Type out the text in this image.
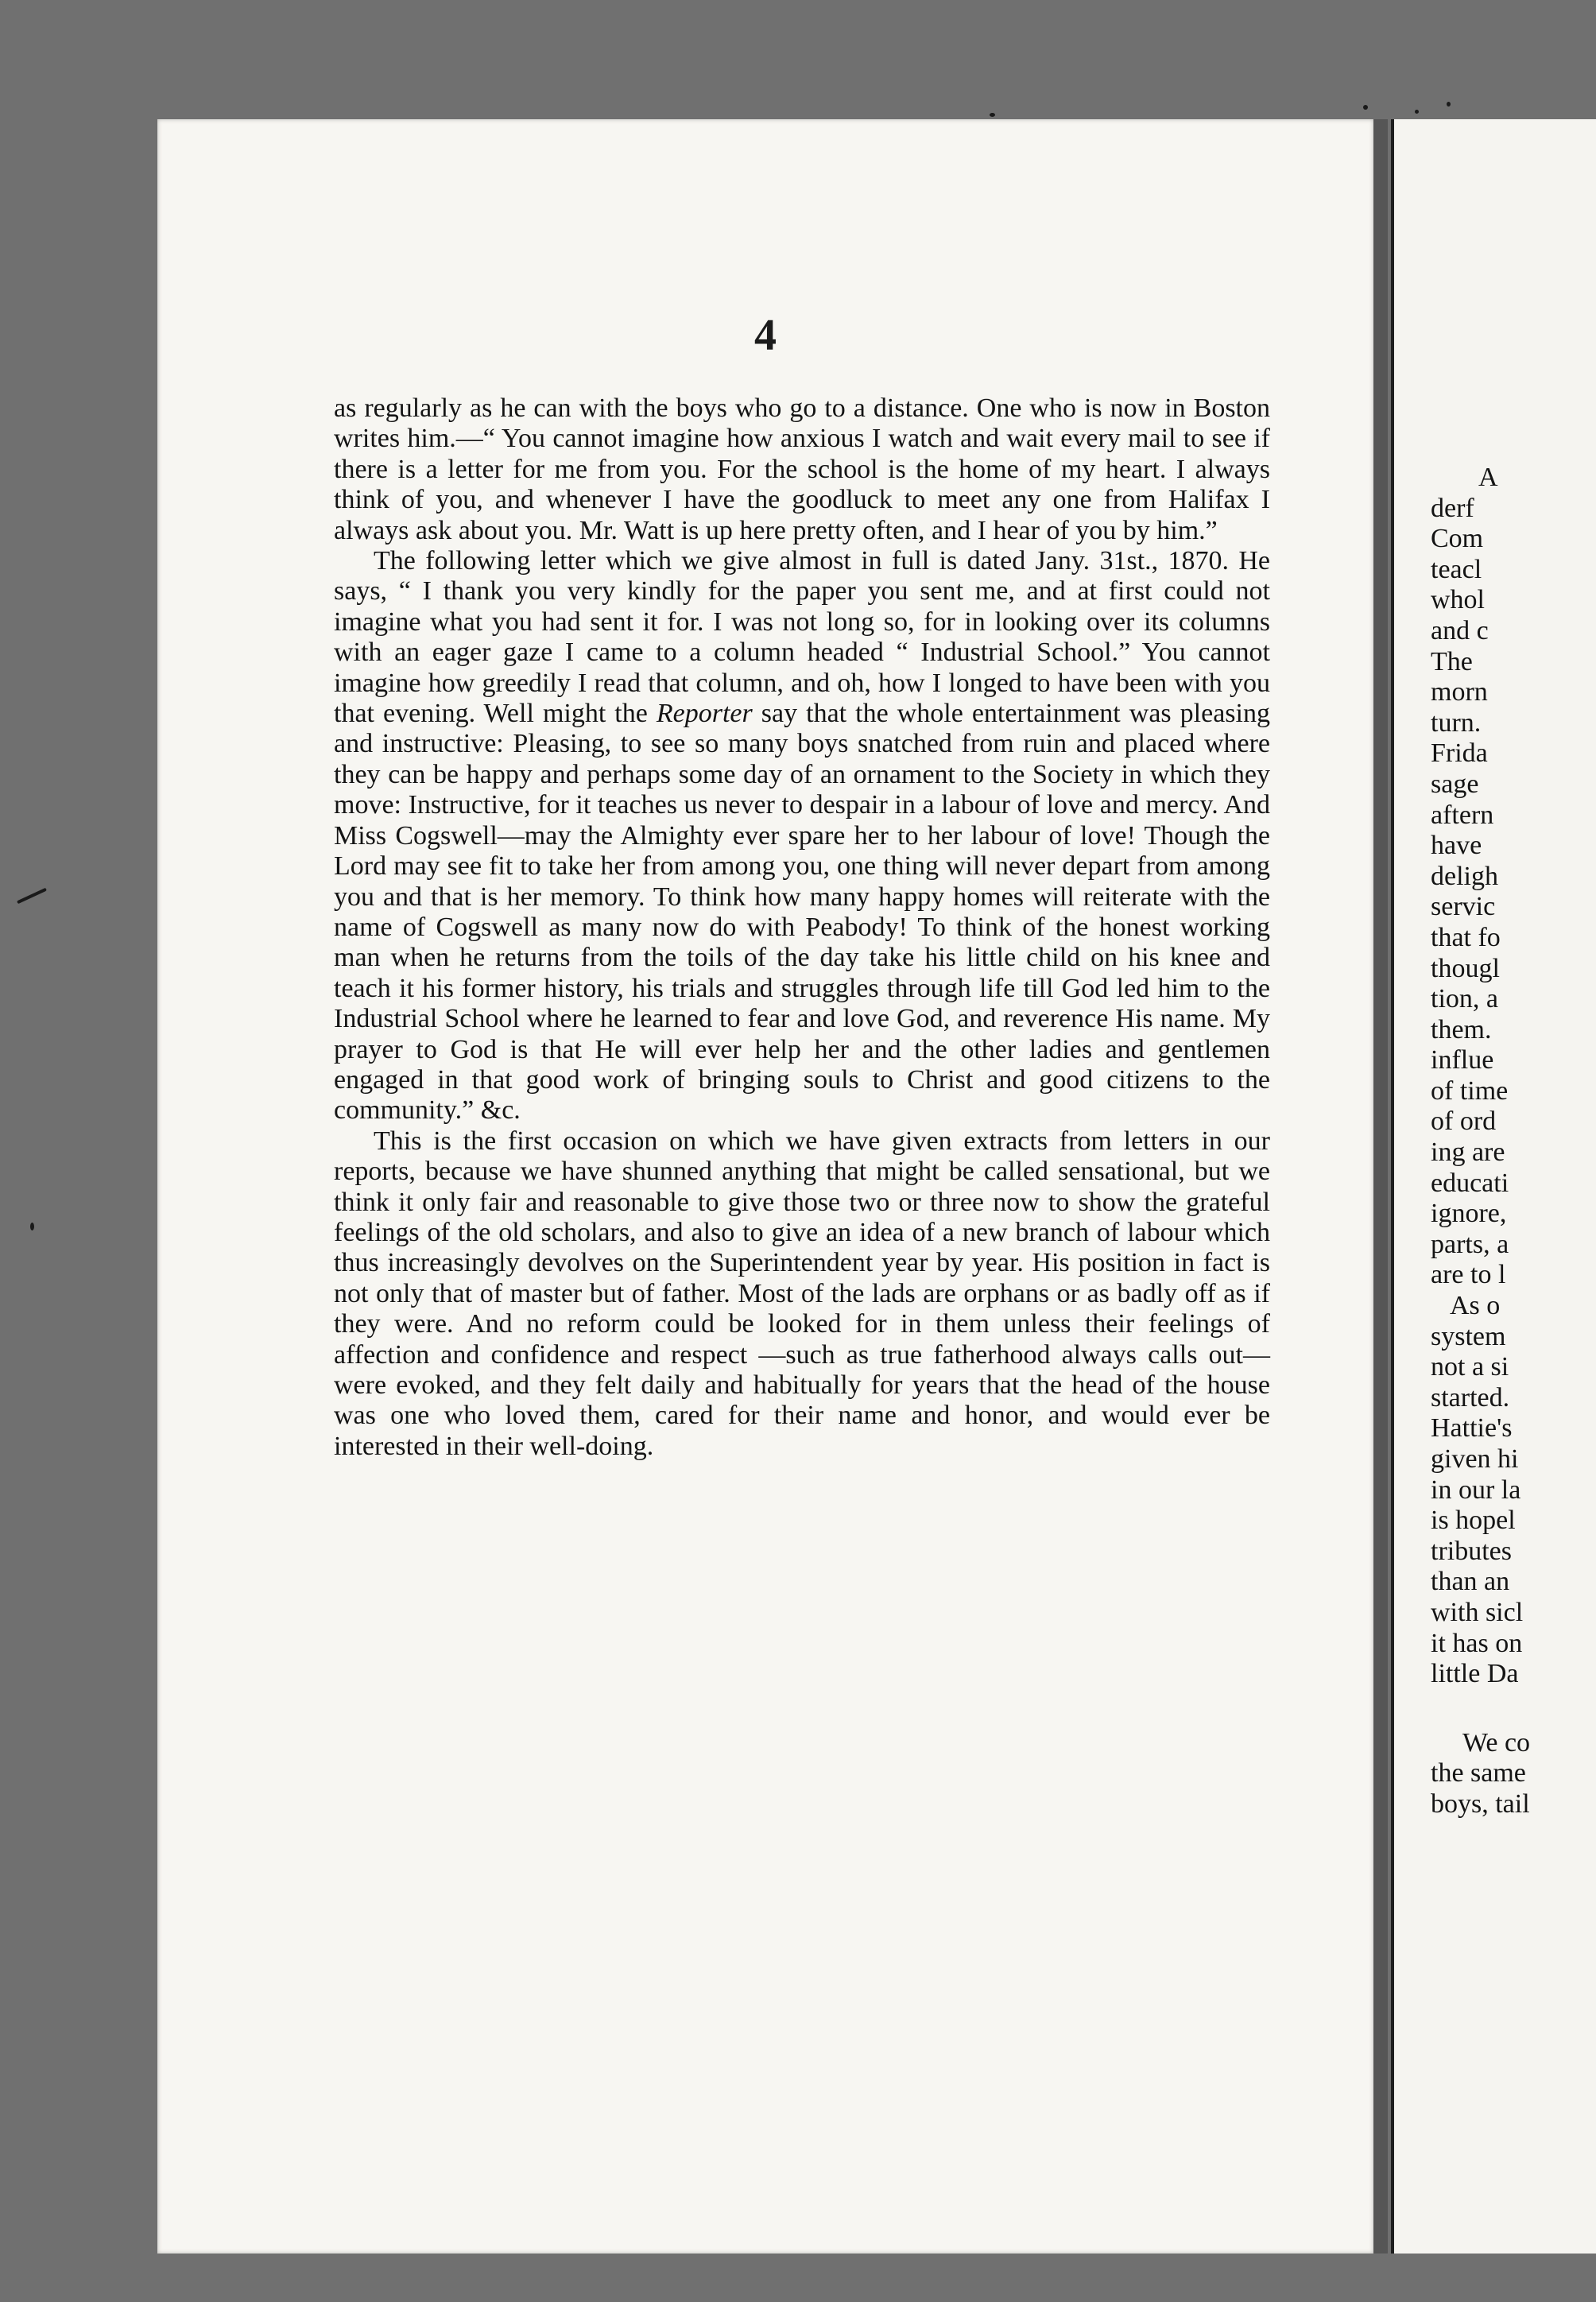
4

as regularly as he can with the boys who go to a distance. One who is now in Boston writes him.—“ You cannot imagine how anxious I watch and wait every mail to see if there is a letter for me from you. For the school is the home of my heart. I always think of you, and whenever I have the goodluck to meet any one from Halifax I always ask about you. Mr. Watt is up here pretty often, and I hear of you by him.”

The following letter which we give almost in full is dated Jany. 31st., 1870. He says, “ I thank you very kindly for the paper you sent me, and at first could not imagine what you had sent it for. I was not long so, for in looking over its columns with an eager gaze I came to a column headed “ Industrial School.” You cannot imagine how greedily I read that column, and oh, how I longed to have been with you that evening. Well might the Reporter say that the whole entertainment was pleasing and instructive: Pleasing, to see so many boys snatched from ruin and placed where they can be happy and perhaps some day of an ornament to the Society in which they move: Instructive, for it teaches us never to despair in a labour of love and mercy. And Miss Cogswell—may the Almighty ever spare her to her labour of love! Though the Lord may see fit to take her from among you, one thing will never depart from among you and that is her memory. To think how many happy homes will reiterate with the name of Cogswell as many now do with Peabody! To think of the honest working man when he returns from the toils of the day take his little child on his knee and teach it his former history, his trials and struggles through life till God led him to the Industrial School where he learned to fear and love God, and reverence His name. My prayer to God is that He will ever help her and the other ladies and gentlemen engaged in that good work of bringing souls to Christ and good citizens to the community.” &c.

This is the first occasion on which we have given extracts from letters in our reports, because we have shunned anything that might be called sensational, but we think it only fair and reasonable to give those two or three now to show the grateful feelings of the old scholars, and also to give an idea of a new branch of labour which thus increasingly devolves on the Superintendent year by year. His position in fact is not only that of master but of father. Most of the lads are orphans or as badly off as if they were. And no reform could be looked for in them unless their feelings of affection and confidence and respect —such as true fatherhood always calls out—were evoked, and they felt daily and habitually for years that the head of the house was one who loved them, cared for their name and honor, and would ever be interested in their well-doing.

A
derf
Com
teacl
whol
and c
The
morn
turn.
Frida
sage
aftern
have
deligh
servic
that fo
thougl
tion, a
them.
influe
of time
of ord
ing are
educati
ignore,
parts, a
are to l
As o
system
not a si
started.
Hattie's
given hi
in our la
is hopel
tributes
than an
with sicl
it has on
little Da
We co
the same
boys, tail
